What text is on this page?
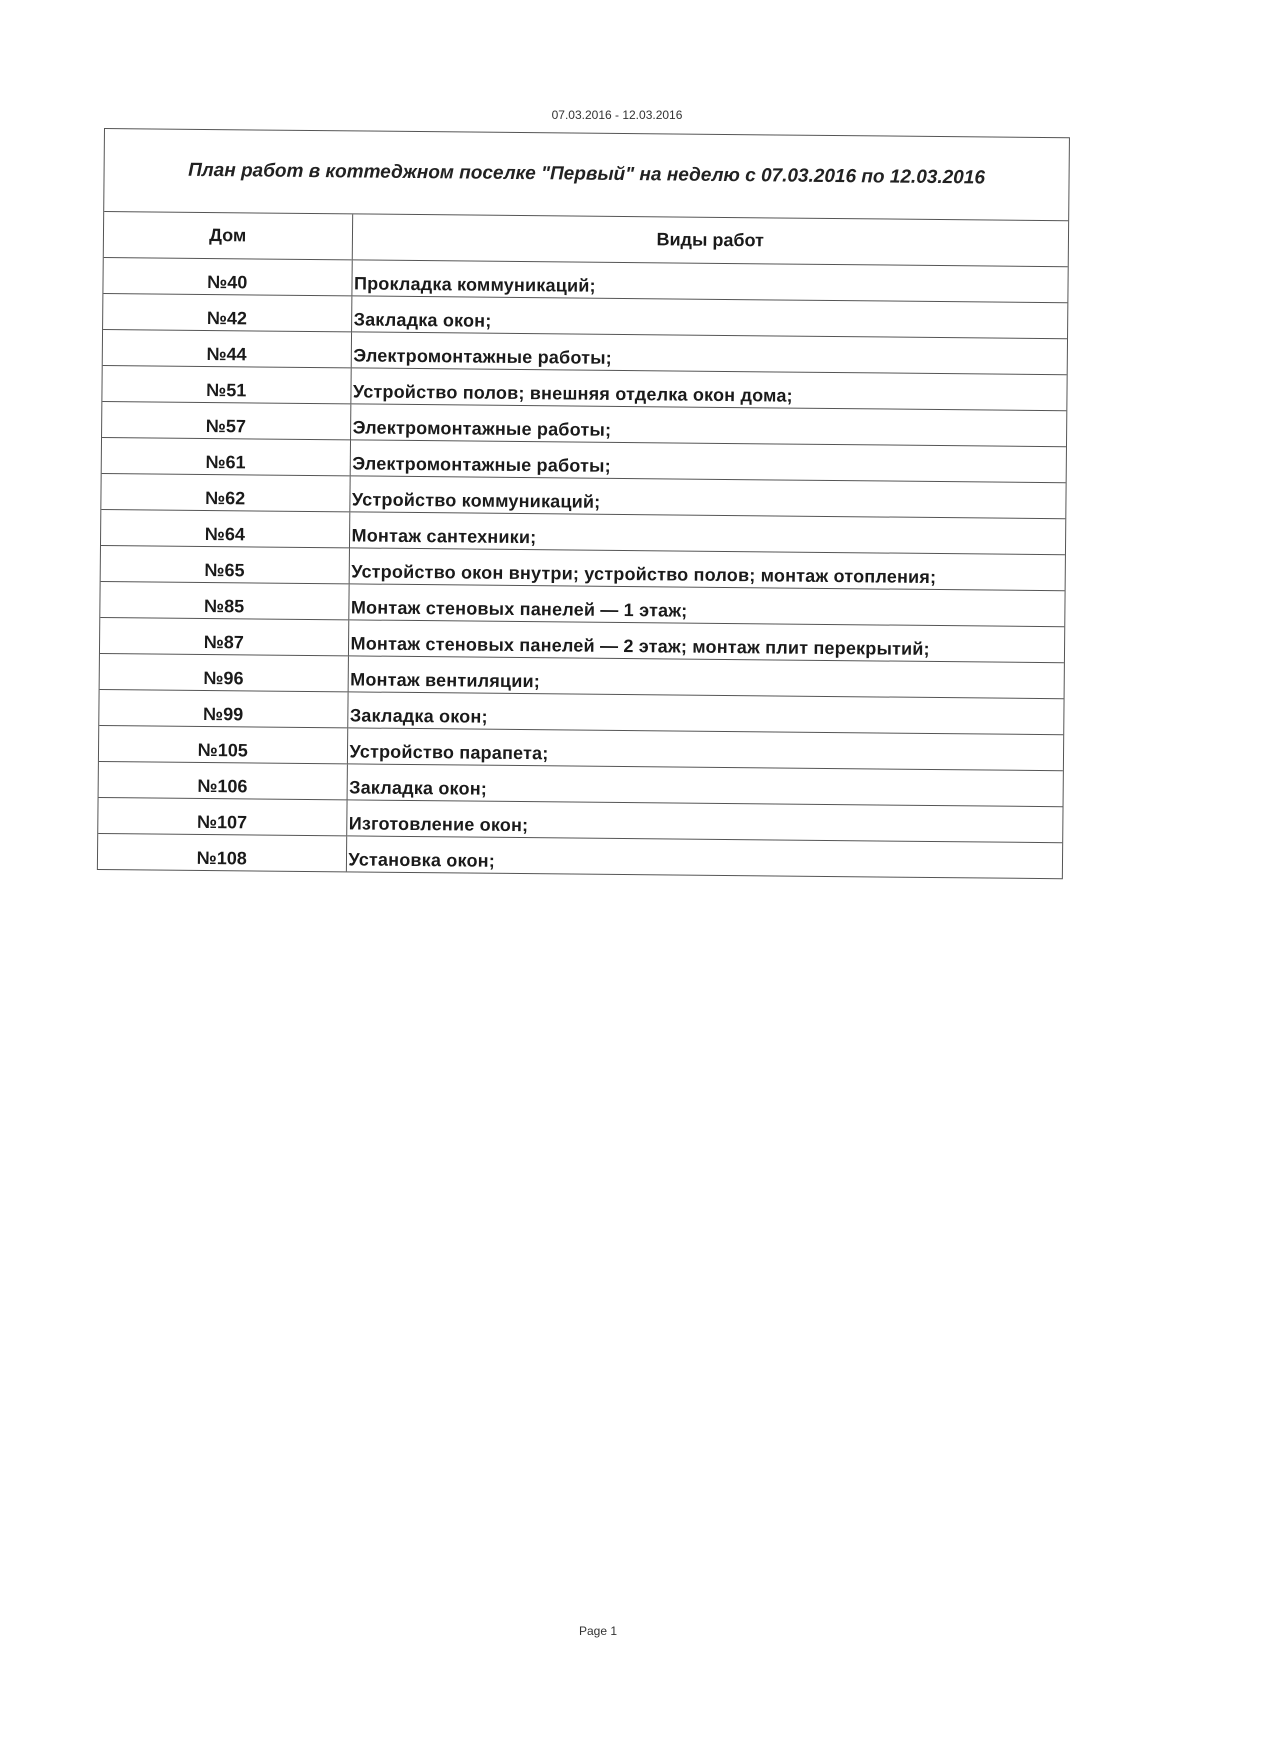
07.03.2016 - 12.03.2016
План работ в коттеджном поселке "Первый" на неделю с 07.03.2016 по 12.03.2016
Дом	Виды работ
№40	Прокладка коммуникаций;
№42	Закладка окон;
№44	Электромонтажные работы;
№51	Устройство полов; внешняя отделка окон дома;
№57	Электромонтажные работы;
№61	Электромонтажные работы;
№62	Устройство коммуникаций;
№64	Монтаж сантехники;
№65	Устройство окон внутри; устройство полов; монтаж отопления;
№85	Монтаж стеновых панелей — 1 этаж;
№87	Монтаж стеновых панелей — 2 этаж; монтаж плит перекрытий;
№96	Монтаж вентиляции;
№99	Закладка окон;
№105	Устройство парапета;
№106	Закладка окон;
№107	Изготовление окон;
№108	Установка окон;
Page 1
